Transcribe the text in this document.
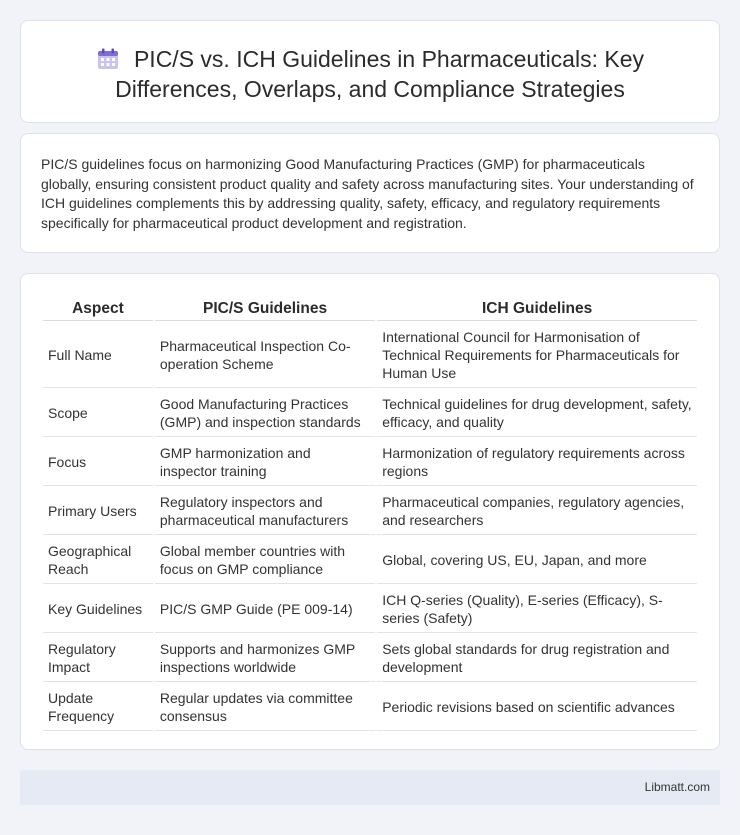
PIC/S vs. ICH Guidelines in Pharmaceuticals: Key Differences, Overlaps, and Compliance Strategies

PIC/S guidelines focus on harmonizing Good Manufacturing Practices (GMP) for pharmaceuticals globally, ensuring consistent product quality and safety across manufacturing sites. Your understanding of ICH guidelines complements this by addressing quality, safety, efficacy, and regulatory requirements specifically for pharmaceutical product development and registration.

Aspect	PIC/S Guidelines	ICH Guidelines
Full Name	Pharmaceutical Inspection Co-operation Scheme	International Council for Harmonisation of Technical Requirements for Pharmaceuticals for Human Use
Scope	Good Manufacturing Practices (GMP) and inspection standards	Technical guidelines for drug development, safety, efficacy, and quality
Focus	GMP harmonization and inspector training	Harmonization of regulatory requirements across regions
Primary Users	Regulatory inspectors and pharmaceutical manufacturers	Pharmaceutical companies, regulatory agencies, and researchers
Geographical Reach	Global member countries with focus on GMP compliance	Global, covering US, EU, Japan, and more
Key Guidelines	PIC/S GMP Guide (PE 009-14)	ICH Q-series (Quality), E-series (Efficacy), S-series (Safety)
Regulatory Impact	Supports and harmonizes GMP inspections worldwide	Sets global standards for drug registration and development
Update Frequency	Regular updates via committee consensus	Periodic revisions based on scientific advances
Libmatt.com
